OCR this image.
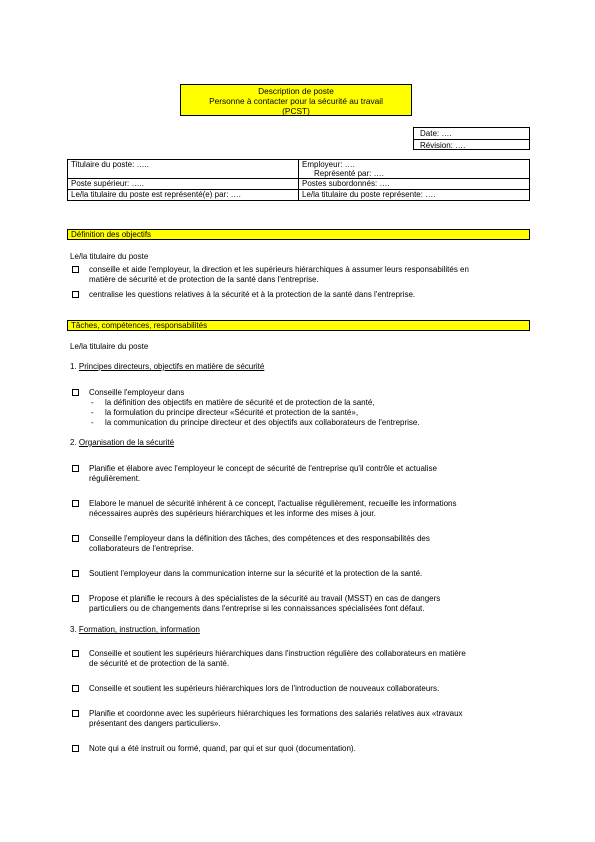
Description de poste
Personne à contacter pour la sécurité au travail
(PCST)
Date: ….
Révision: ….
Titulaire du poste: …..	Employeur: ….
Représenté par: ….

Poste supérieur: …..	Postes subordonnés: ….
Le/la titulaire du poste est représenté(e) par: ….	Le/la titulaire du poste représente: ….
Définition des objectifs
Le/la titulaire du poste
conseille et aide l'employeur, la direction et les supérieurs hiérarchiques à assumer leurs responsabilités en
matière de sécurité et de protection de la santé dans l'entreprise.
centralise les questions relatives à la sécurité et à la protection de la santé dans l'entreprise.
Tâches, compétences, responsabilités
Le/la titulaire du poste
1. Principes directeurs, objectifs en matière de sécurité
Conseille l'employeur dans
- la définition des objectifs en matière de sécurité et de protection de la santé,
- la formulation du principe directeur «Sécurité et protection de la santé»,
- la communication du principe directeur et des objectifs aux collaborateurs de l'entreprise.
2. Organisation de la sécurité
Planifie et élabore avec l'employeur le concept de sécurité de l'entreprise qu'il contrôle et actualise
régulièrement.
Elabore le manuel de sécurité inhérent à ce concept, l'actualise régulièrement, recueille les informations
nécessaires auprès des supérieurs hiérarchiques et les informe des mises à jour.
Conseille l'employeur dans la définition des tâches, des compétences et des responsabilités des
collaborateurs de l'entreprise.
Soutient l'employeur dans la communication interne sur la sécurité et la protection de la santé.
Propose et planifie le recours à des spécialistes de la sécurité au travail (MSST) en cas de dangers
particuliers ou de changements dans l'entreprise si les connaissances spécialisées font défaut.
3. Formation, instruction, information
Conseille et soutient les supérieurs hiérarchiques dans l'instruction régulière des collaborateurs en matière
de sécurité et de protection de la santé.
Conseille et soutient les supérieurs hiérarchiques lors de l'introduction de nouveaux collaborateurs.
Planifie et coordonne avec les supérieurs hiérarchiques les formations des salariés relatives aux «travaux
présentant des dangers particuliers».
Note qui a été instruit ou formé, quand, par qui et sur quoi (documentation).
